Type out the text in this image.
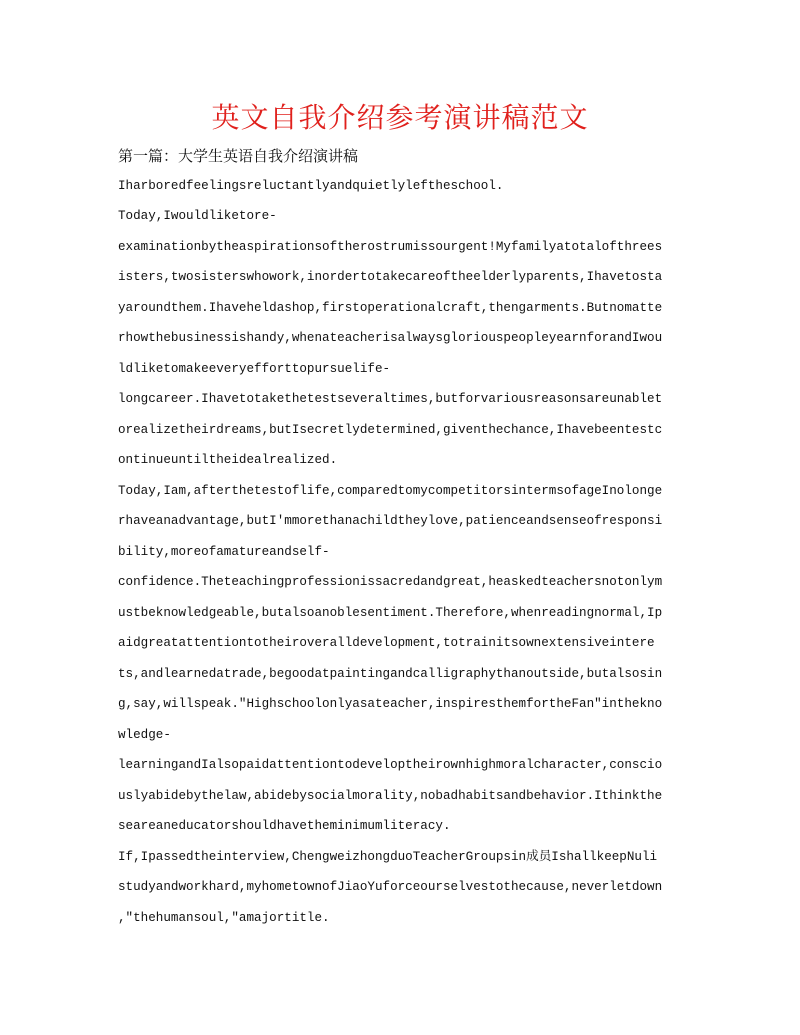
英文自我介绍参考演讲稿范文
第一篇：大学生英语自我介绍演讲稿
Iharboredfeelingsreluctantlyandquietlyleftheschool.
Today,Iwouldliketore-
examinationbytheaspirationsoftherostrumissourgent!Myfamilyatotalofthrees
isters,twosisterswhowork,inordertotakecareoftheelderlyparents,Ihavetosta
yaroundthem.Ihaveheldashop,firstoperationalcraft,thengarments.Butnomatte
rhowthebusinessishandy,whenateacherisalwaysgloriouspeopleyearnforandIwou
ldliketomakeeveryefforttopursuelife-
longcareer.Ihavetotakethetestseveraltimes,butforvariousreasonsareunablet
orealizetheirdreams,butIsecretlydetermined,giventhechance,Ihavebeentestc
ontinueuntiltheidealrealized.
Today,Iam,afterthetestoflife,comparedtomycompetitorsintermsofageInolonge
rhaveanadvantage,butI'mmorethanachildtheylove,patienceandsenseofresponsi
bility,moreofamatureandself-
confidence.Theteachingprofessionissacredandgreat,heaskedteachersnotonlym
ustbeknowledgeable,butalsoanoblesentiment.Therefore,whenreadingnormal,Ip
aidgreatattentiontotheiroveralldevelopment,totrainitsownextensiveintere
ts,andlearnedatrade,begoodatpaintingandcalligraphythanoutside,butalsosin
g,say,willspeak."Highschoolonlyasateacher,inspiresthemfortheFan"inthekno
wledge-
learningandIalsopaidattentiontodeveloptheirownhighmoralcharacter,conscio
uslyabidebythelaw,abidebysocialmorality,nobadhabitsandbehavior.Ithinkthe
seareaneducatorshouldhavetheminimumliteracy.
If,Ipassedtheinterview,ChengweizhongduoTeacherGroupsin成员IshallkeepNuli
studyandworkhard,myhometownofJiaoYuforceourselvestothecause,neverletdown
,"thehumansoul,"amajortitle.
